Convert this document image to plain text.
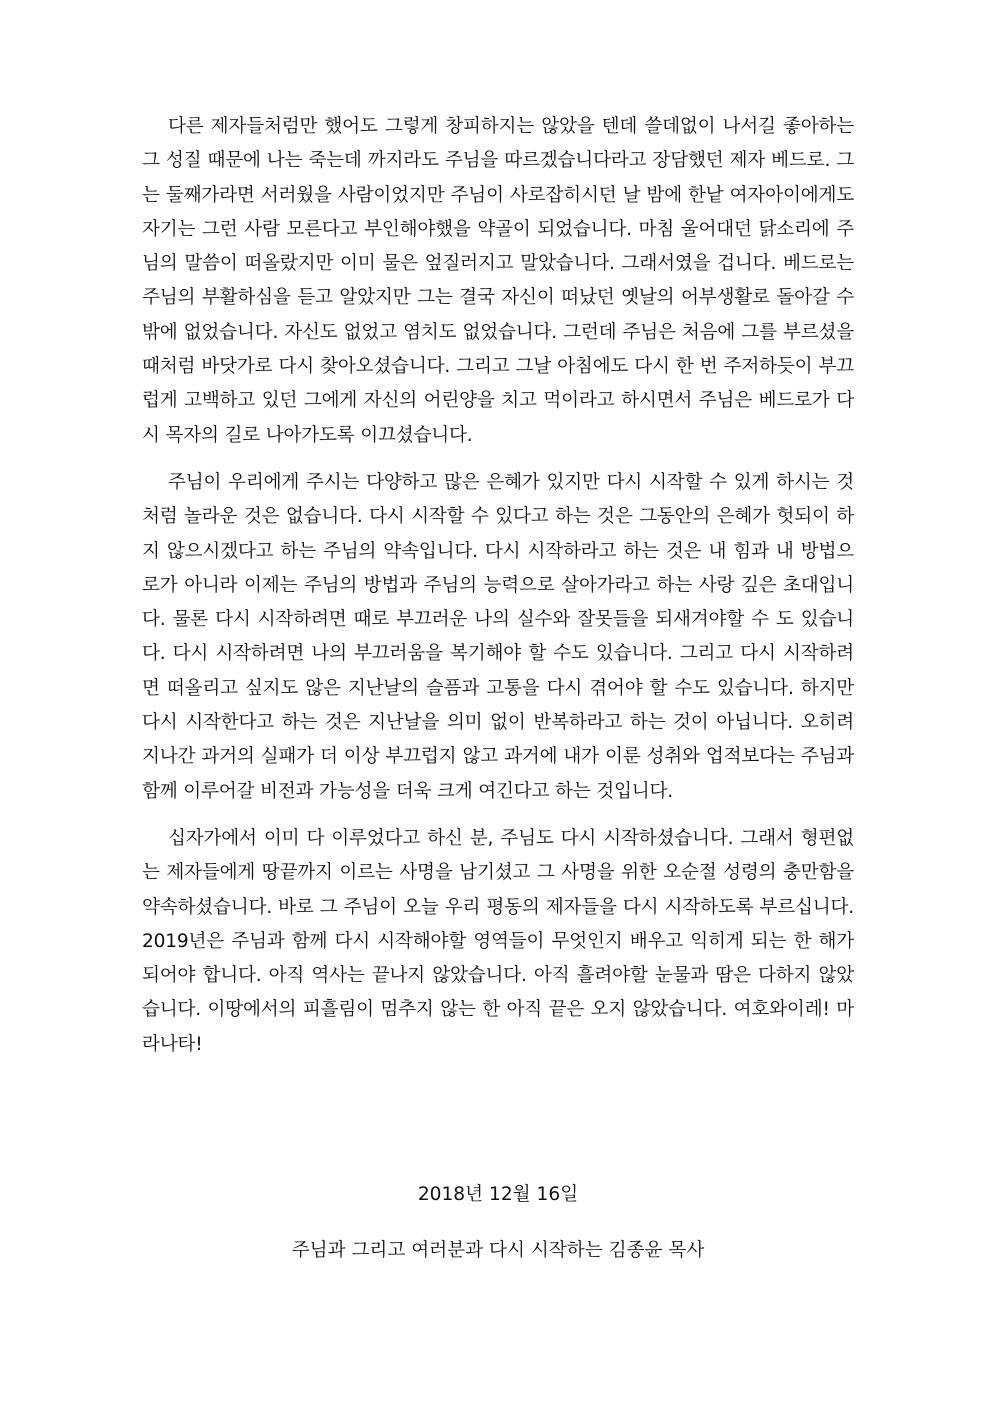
다른 제자들처럼만 했어도 그렇게 창피하지는 않았을 텐데 쓸데없이 나서길 좋아하는 그 성질 때문에 나는 죽는데 까지라도 주님을 따르겠습니다라고 장담했던 제자 베드로. 그는 둘째가라면 서러웠을 사람이었지만 주님이 사로잡히시던 날 밤에 한낱 여자아이에게도 자기는 그런 사람 모른다고 부인해야했을 약골이 되었습니다. 마침 울어대던 닭소리에 주님의 말씀이 떠올랐지만 이미 물은 엎질러지고 말았습니다. 그래서였을 겁니다. 베드로는 주님의 부활하심을 듣고 알았지만 그는 결국 자신이 떠났던 옛날의 어부생활로 돌아갈 수 밖에 없었습니다. 자신도 없었고 염치도 없었습니다. 그런데 주님은 처음에 그를 부르셨을 때처럼 바닷가로 다시 찾아오셨습니다. 그리고 그날 아침에도 다시 한 번 주저하듯이 부끄럽게 고백하고 있던 그에게 자신의 어린양을 치고 먹이라고 하시면서 주님은 베드로가 다시 목자의 길로 나아가도록 이끄셨습니다.

주님이 우리에게 주시는 다양하고 많은 은혜가 있지만 다시 시작할 수 있게 하시는 것처럼 놀라운 것은 없습니다. 다시 시작할 수 있다고 하는 것은 그동안의 은혜가 헛되이 하지 않으시겠다고 하는 주님의 약속입니다. 다시 시작하라고 하는 것은 내 힘과 내 방법으로가 아니라 이제는 주님의 방법과 주님의 능력으로 살아가라고 하는 사랑 깊은 초대입니다. 물론 다시 시작하려면 때로 부끄러운 나의 실수와 잘못들을 되새겨야할 수 도 있습니다. 다시 시작하려면 나의 부끄러움을 복기해야 할 수도 있습니다. 그리고 다시 시작하려면 떠올리고 싶지도 않은 지난날의 슬픔과 고통을 다시 겪어야 할 수도 있습니다. 하지만 다시 시작한다고 하는 것은 지난날을 의미 없이 반복하라고 하는 것이 아닙니다. 오히려 지나간 과거의 실패가 더 이상 부끄럽지 않고 과거에 내가 이룬 성취와 업적보다는 주님과 함께 이루어갈 비전과 가능성을 더욱 크게 여긴다고 하는 것입니다.

십자가에서 이미 다 이루었다고 하신 분, 주님도 다시 시작하셨습니다. 그래서 형편없는 제자들에게 땅끝까지 이르는 사명을 남기셨고 그 사명을 위한 오순절 성령의 충만함을 약속하셨습니다. 바로 그 주님이 오늘 우리 평동의 제자들을 다시 시작하도록 부르십니다. 2019년은 주님과 함께 다시 시작해야할 영역들이 무엇인지 배우고 익히게 되는 한 해가 되어야 합니다. 아직 역사는 끝나지 않았습니다. 아직 흘려야할 눈물과 땀은 다하지 않았습니다. 이땅에서의 피흘림이 멈추지 않는 한 아직 끝은 오지 않았습니다. 여호와이레! 마라나타!

2018년 12월 16일

주님과 그리고 여러분과 다시 시작하는 김종윤 목사
